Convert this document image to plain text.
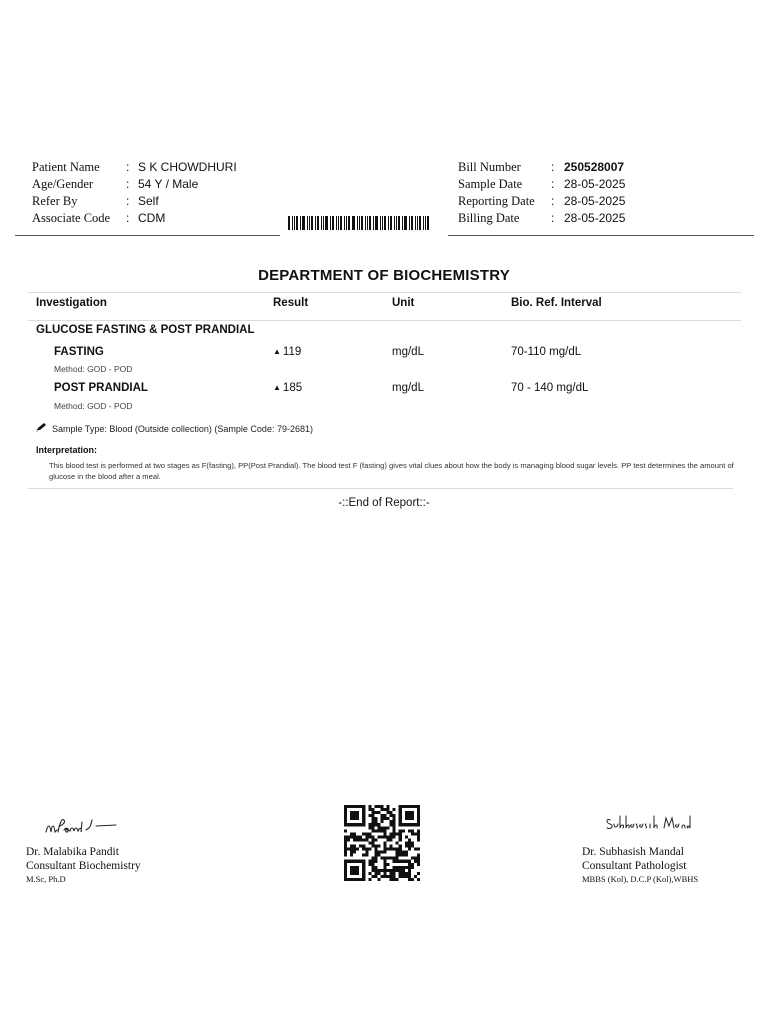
Patient Name : S K CHOWDHURI
Age/Gender	: 54 Y / Male
Refer By	: Self
Associate Code : CDM
Bill Number	: 250528007
Sample Date : 28-05-2025
Reporting Date : 28-05-2025
Billing Date	: 28-05-2025
DEPARTMENT OF BIOCHEMISTRY
Investigation	Result	Unit	Bio. Ref. Interval
GLUCOSE FASTING & POST PRANDIAL
FASTING	▲ 119	mg/dL	70-110 mg/dL
Method: GOD - POD
POST PRANDIAL	▲ 185	mg/dL	70 - 140 mg/dL
Method: GOD - POD
Sample Type: Blood (Outside collection) (Sample Code: 79-2681)
Interpretation:
This blood test is performed at two stages as F(fasting), PP(Post Prandial). The blood test F (fasting) gives vital clues about how the body is managing blood sugar levels. PP test determines the amount of glucose in the blood after a meal.
-::End of Report::-
Dr. Malabika Pandit
Consultant Biochemistry
M.Sc, Ph.D
Dr. Subhasish Mandal
Consultant Pathologist
MBBS (Kol), D.C.P (Kol),WBHS
